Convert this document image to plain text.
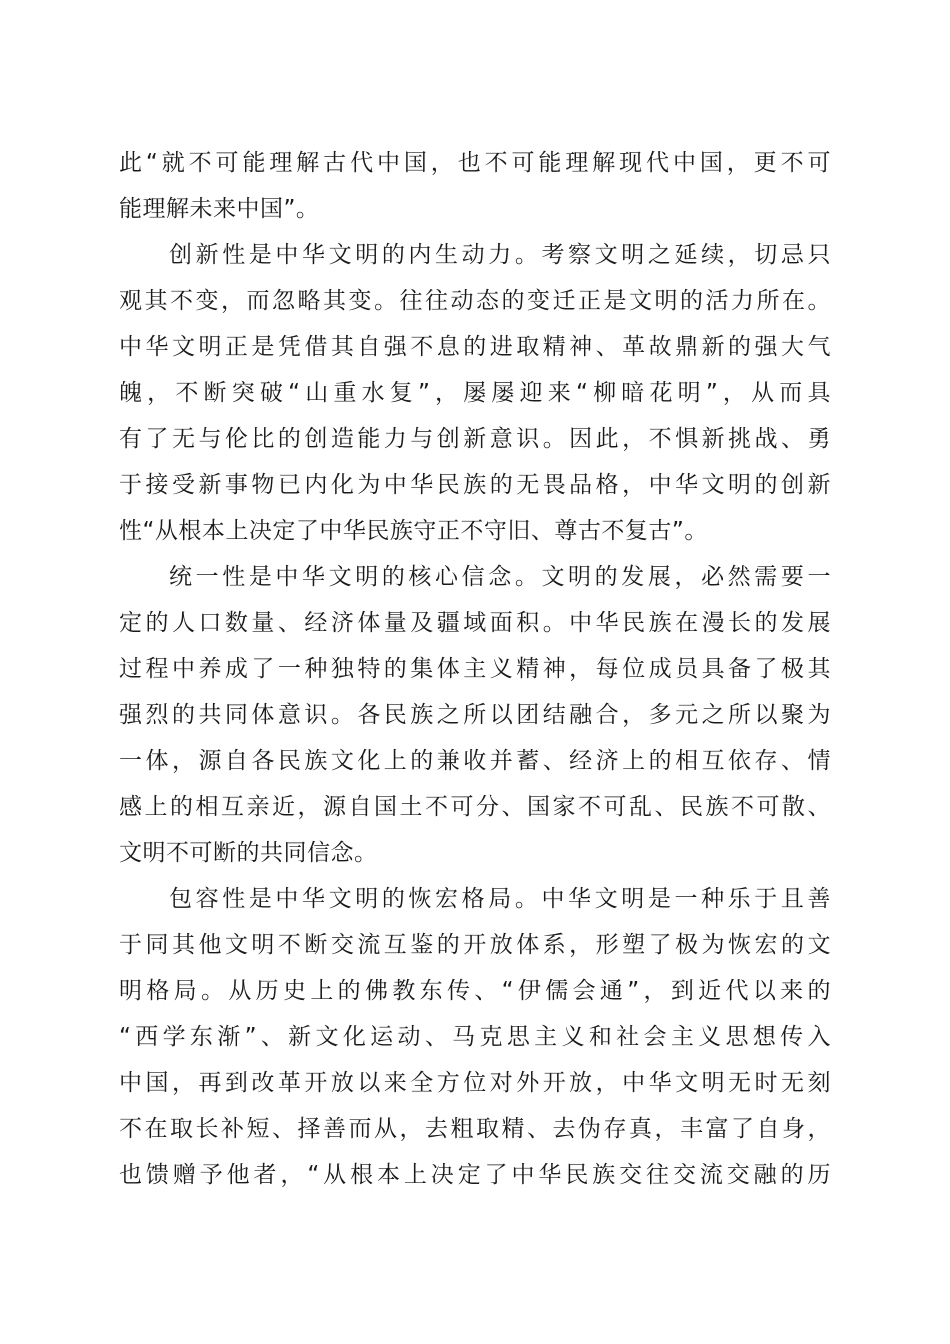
此“就不可能理解古代中国，也不可能理解现代中国，更不可
能理解未来中国”。
创新性是中华文明的内生动力。考察文明之延续，切忌只
观其不变，而忽略其变。往往动态的变迁正是文明的活力所在。
中华文明正是凭借其自强不息的进取精神、革故鼎新的强大气
魄，不断突破“山重水复”，屡屡迎来“柳暗花明”，从而具
有了无与伦比的创造能力与创新意识。因此，不惧新挑战、勇
于接受新事物已内化为中华民族的无畏品格，中华文明的创新
性“从根本上决定了中华民族守正不守旧、尊古不复古”。
统一性是中华文明的核心信念。文明的发展，必然需要一
定的人口数量、经济体量及疆域面积。中华民族在漫长的发展
过程中养成了一种独特的集体主义精神，每位成员具备了极其
强烈的共同体意识。各民族之所以团结融合，多元之所以聚为
一体，源自各民族文化上的兼收并蓄、经济上的相互依存、情
感上的相互亲近，源自国土不可分、国家不可乱、民族不可散、
文明不可断的共同信念。
包容性是中华文明的恢宏格局。中华文明是一种乐于且善
于同其他文明不断交流互鉴的开放体系，形塑了极为恢宏的文
明格局。从历史上的佛教东传、“伊儒会通”，到近代以来的
“西学东渐”、新文化运动、马克思主义和社会主义思想传入
中国，再到改革开放以来全方位对外开放，中华文明无时无刻
不在取长补短、择善而从，去粗取精、去伪存真，丰富了自身，
也馈赠予他者，“从根本上决定了中华民族交往交流交融的历
